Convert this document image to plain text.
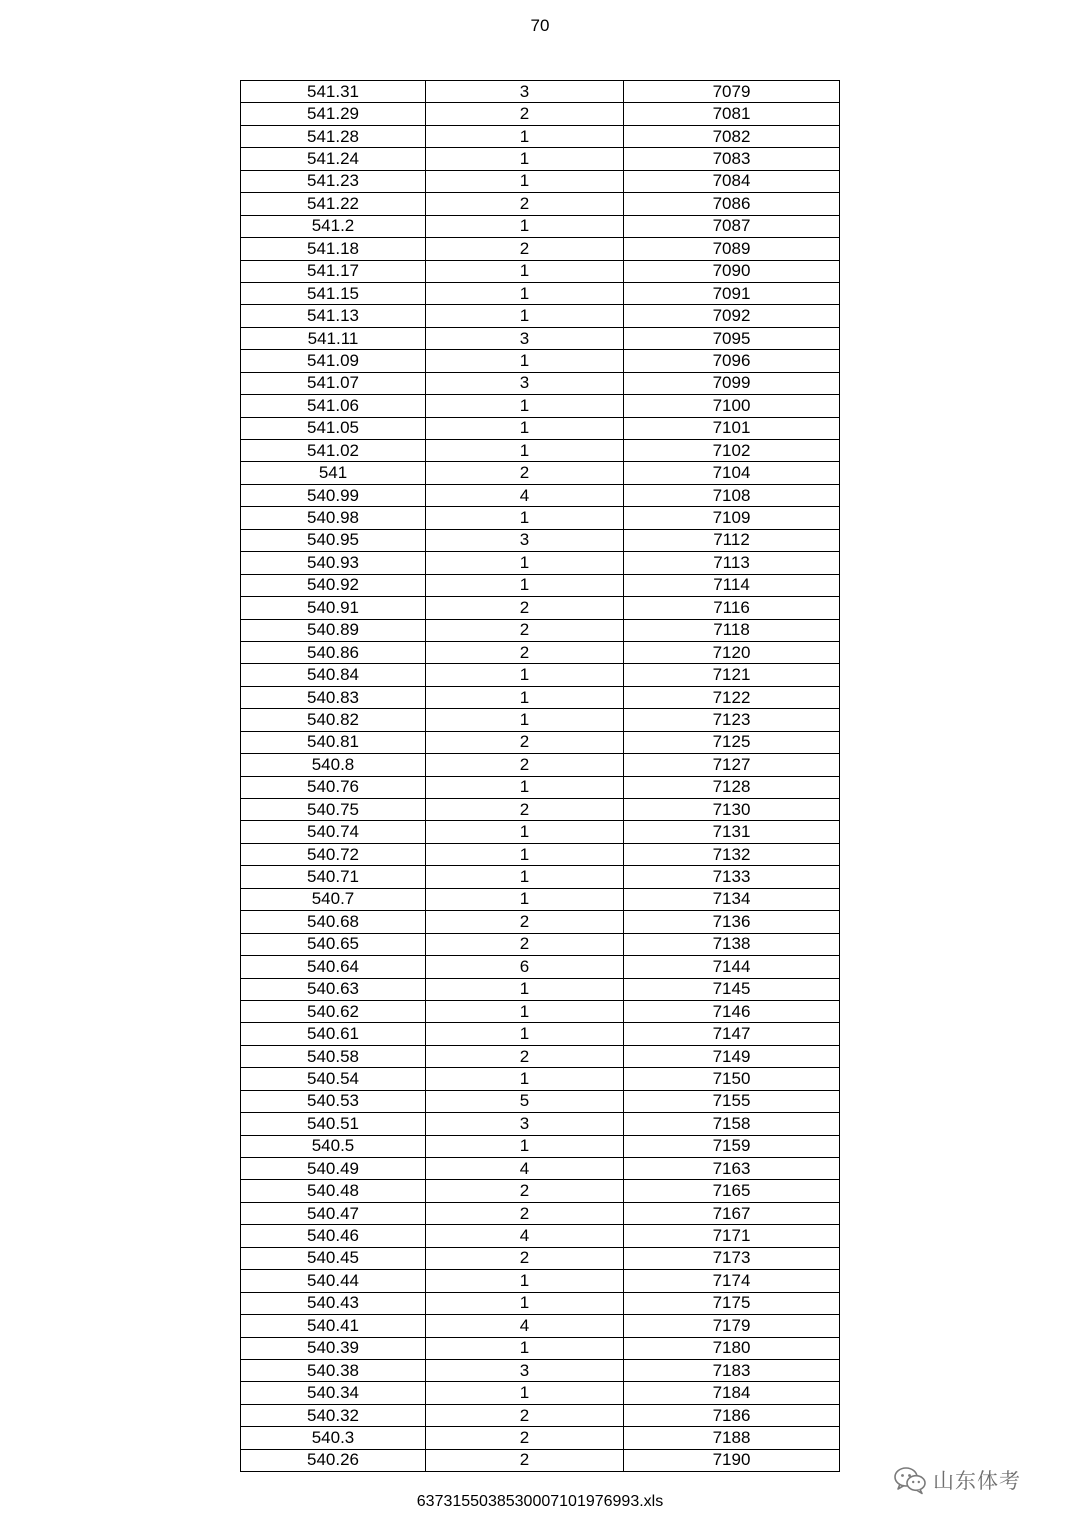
70
541.31	3	7079
541.29	2	7081
541.28	1	7082
541.24	1	7083
541.23	1	7084
541.22	2	7086
541.2	1	7087
541.18	2	7089
541.17	1	7090
541.15	1	7091
541.13	1	7092
541.11	3	7095
541.09	1	7096
541.07	3	7099
541.06	1	7100
541.05	1	7101
541.02	1	7102
541	2	7104
540.99	4	7108
540.98	1	7109
540.95	3	7112
540.93	1	7113
540.92	1	7114
540.91	2	7116
540.89	2	7118
540.86	2	7120
540.84	1	7121
540.83	1	7122
540.82	1	7123
540.81	2	7125
540.8	2	7127
540.76	1	7128
540.75	2	7130
540.74	1	7131
540.72	1	7132
540.71	1	7133
540.7	1	7134
540.68	2	7136
540.65	2	7138
540.64	6	7144
540.63	1	7145
540.62	1	7146
540.61	1	7147
540.58	2	7149
540.54	1	7150
540.53	5	7155
540.51	3	7158
540.5	1	7159
540.49	4	7163
540.48	2	7165
540.47	2	7167
540.46	4	7171
540.45	2	7173
540.44	1	7174
540.43	1	7175
540.41	4	7179
540.39	1	7180
540.38	3	7183
540.34	1	7184
540.32	2	7186
540.3	2	7188
540.26	2	7190
637315503853000710197699​3.xls
山东体考
